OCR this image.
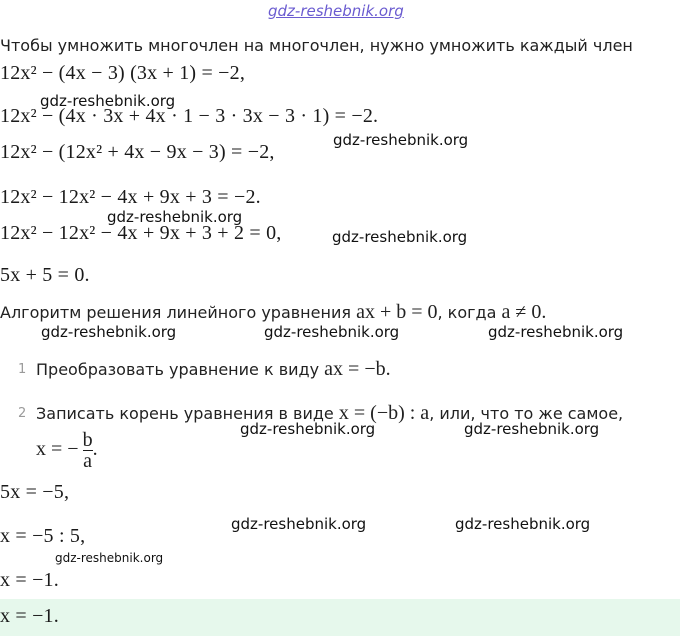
gdz-reshebnik.org
Чтобы умножить многочлен на многочлен, нужно умножить каждый член
12x² − (4x − 3) (3x + 1) = −2,
gdz-reshebnik.org
12x² − (4x · 3x + 4x · 1 − 3 · 3x − 3 · 1) = −2.
gdz-reshebnik.org
12x² − (12x² + 4x − 9x − 3) = −2,
12x² − 12x² − 4x + 9x + 3 = −2.
gdz-reshebnik.org
12x² − 12x² − 4x + 9x + 3 + 2 = 0,	gdz-reshebnik.org
5x + 5 = 0.
Алгоритм решения линейного уравнения ax + b = 0, когда a ≠ 0.
gdz-reshebnik.org	gdz-reshebnik.org	gdz-reshebnik.org
1 Преобразовать уравнение к виду ax = −b.
2 Записать корень уравнения в виде x = (−b) : a, или, что то же самое,
gdz-reshebnik.org	gdz-reshebnik.org
x = − $\frac{b}{a}$ .
5x = −5,
gdz-reshebnik.org	gdz-reshebnik.org
x = −5 : 5,
gdz-reshebnik.org
x = −1.
x = −1.
